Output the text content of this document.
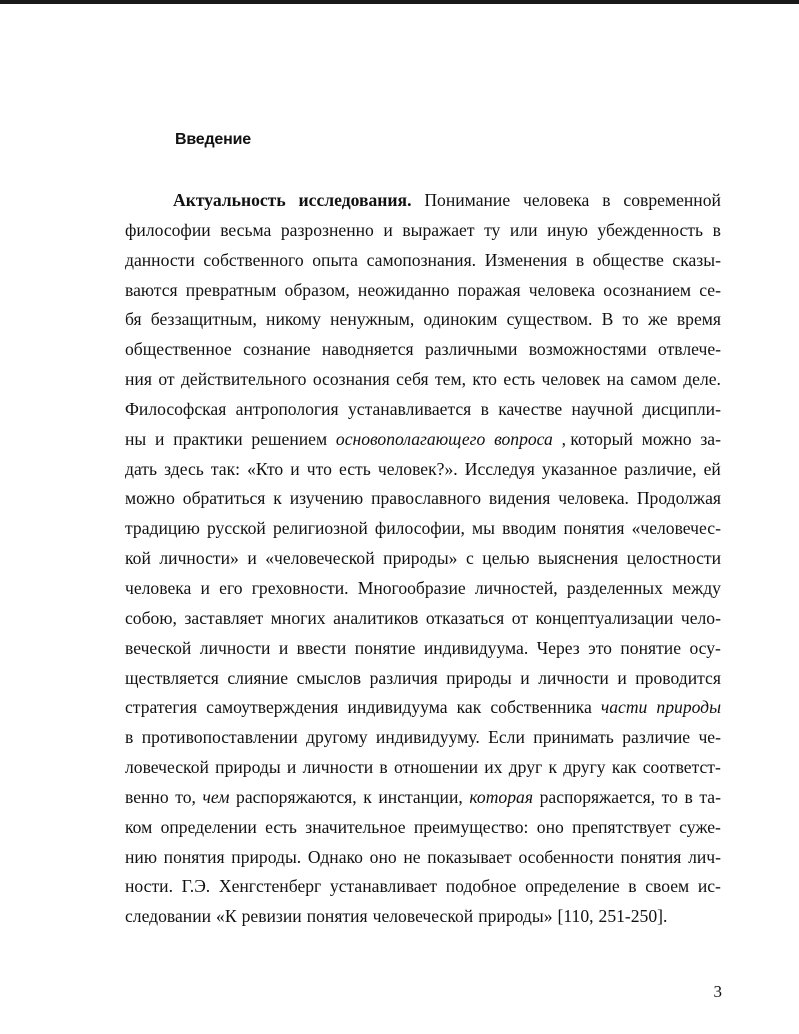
Введение
Актуальность исследования. Понимание человека в современной
философии весьма разрозненно и выражает ту или иную убежденность в
данности собственного опыта самопознания. Изменения в обществе сказы-
ваются превратным образом, неожиданно поражая человека осознанием се-
бя беззащитным, никому ненужным, одиноким существом. В то же время
общественное сознание наводняется различными возможностями отвлече-
ния от действительного осознания себя тем, кто есть человек на самом деле.
Философская антропология устанавливается в качестве научной дисципли-
ны и практики решением основополагающего вопроса , который можно за-
дать здесь так: «Кто и что есть человек?». Исследуя указанное различие, ей
можно обратиться к изучению православного видения человека. Продолжая
традицию русской религиозной философии, мы вводим понятия «человечес-
кой личности» и «человеческой природы» с целью выяснения целостности
человека и его греховности. Многообразие личностей, разделенных между
собою, заставляет многих аналитиков отказаться от концептуализации чело-
веческой личности и ввести понятие индивидуума. Через это понятие осу-
ществляется слияние смыслов различия природы и личности и проводится
стратегия самоутверждения индивидуума как собственника части природы
в противопоставлении другому индивидууму. Если принимать различие че-
ловеческой природы и личности в отношении их друг к другу как соответст-
венно то, чем распоряжаются, к инстанции, которая распоряжается, то в та-
ком определении есть значительное преимущество: оно препятствует суже-
нию понятия природы. Однако оно не показывает особенности понятия лич-
ности. Г.Э. Хенгстенберг устанавливает подобное определение в своем ис-
следовании «К ревизии понятия человеческой природы» [110, 251-250].
3
